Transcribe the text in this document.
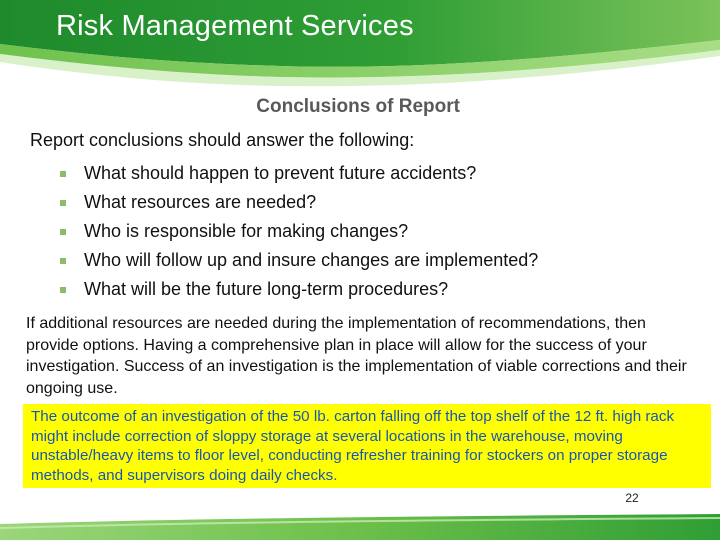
Risk Management Services
Conclusions of Report
Report conclusions should answer the following:
What should happen to prevent future accidents?
What resources are needed?
Who is responsible for making changes?
Who will follow up and insure changes are implemented?
What will be the future long-term procedures?
If additional resources are needed during the implementation of recommendations, then provide options. Having a comprehensive plan in place will allow for the success of your investigation. Success of an investigation is the implementation of viable corrections and their ongoing use.
The outcome of an investigation of the 50 lb. carton falling off the top shelf of the 12 ft. high rack might include correction of sloppy storage at several locations in the warehouse, moving unstable/heavy items to floor level, conducting refresher training for stockers on proper storage methods, and supervisors doing daily checks.
22
